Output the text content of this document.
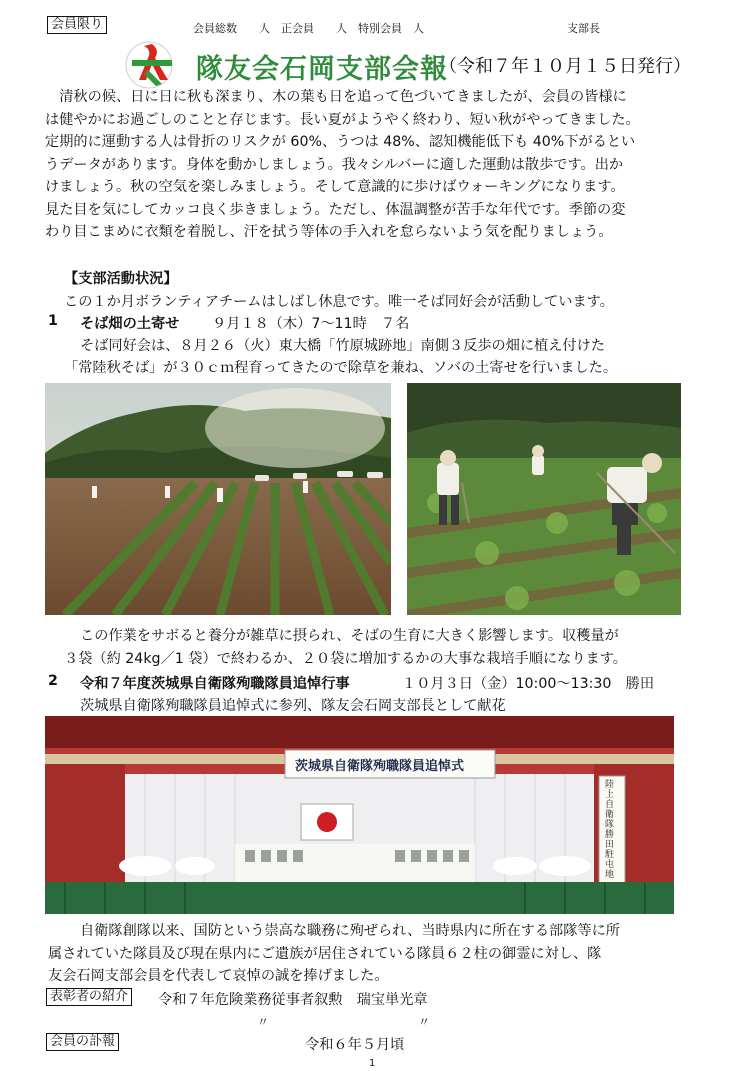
会員限り	会員総数　　人　正会員　　人　特別会員　人	支部長
隊友会石岡支部会報
（令和７年１０月１５日発行）
　清秋の候、日に日に秋も深まり、木の葉も日を追って色づいてきましたが、会員の皆様に
は健やかにお過ごしのことと存じます。長い夏がようやく終わり、短い秋がやってきました。
定期的に運動する人は骨折のリスクが 60%、うつは 48%、認知機能低下も 40%下がるとい
うデータがあります。身体を動かしましょう。我々シルバーに適した運動は散歩です。出か
けましょう。秋の空気を楽しみましょう。そして意識的に歩けばウォーキングになります。
見た目を気にしてカッコ良く歩きましょう。ただし、体温調整が苦手な年代です。季節の変
わり目こまめに衣類を着脱し、汗を拭う等体の手入れを怠らないよう気を配りましょう。
【支部活動状況】
この１か月ボランティアチームはしばし休息です。唯一そば同好会が活動しています。
1 そば畑の土寄せ ９月１８（木）7～11時　７名
そば同好会は、８月２６（火）東大橋「竹原城跡地」南側３反歩の畑に植え付けた
「常陸秋そば」が３０ｃｍ程育ってきたので除草を兼ね、ソバの土寄せを行いました。
この作業をサボると養分が雑草に摂られ、そばの生育に大きく影響します。収穫量が
３袋（約 24kg／1 袋）で終わるか、２０袋に増加するかの大事な栽培手順になります。
2 令和７年度茨城県自衛隊殉職隊員追悼行事	１０月３日（金）10:00～13:30　勝田
茨城県自衛隊殉職隊員追悼式に参列、隊友会石岡支部長として献花
茨城県自衛隊殉職隊員追悼式
陸上自衛隊勝田駐屯地
自衛隊創隊以来、国防という崇高な職務に殉ぜられ、当時県内に所在する部隊等に所
属されていた隊員及び現在県内にご遺族が居住されている隊員６２柱の御霊に対し、隊
友会石岡支部会員を代表して哀悼の誠を捧げました。
表彰者の紹介 令和７年危険業務従事者叙勲　瑞宝単光章
〃	〃
会員の訃報	令和６年５月頃
1
